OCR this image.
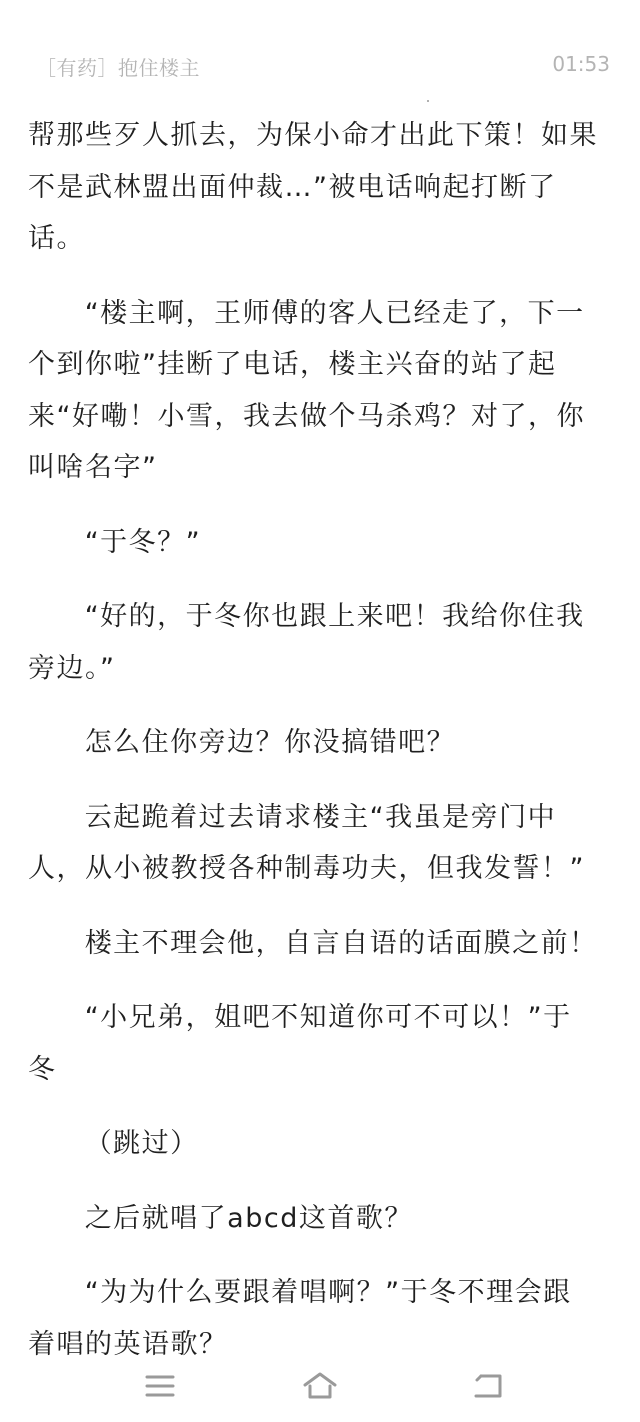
［有药］抱住楼主	01:53

帮那些歹人抓去，为保小命才出此下策！如果不是武林盟出面仲裁…”被电话响起打断了话。

“楼主啊，王师傅的客人已经走了，下一个到你啦”挂断了电话，楼主兴奋的站了起来“好嘞！小雪，我去做个马杀鸡？对了，你叫啥名字”

“于冬？”

“好的，于冬你也跟上来吧！我给你住我旁边。”

怎么住你旁边？你没搞错吧？

云起跪着过去请求楼主“我虽是旁门中人，从小被教授各种制毒功夫，但我发誓！”

楼主不理会他，自言自语的话面膜之前！

“小兄弟，姐吧不知道你可不可以！”于冬

（跳过）

之后就唱了abcd这首歌？

“为为什么要跟着唱啊？”于冬不理会跟着唱的英语歌？
